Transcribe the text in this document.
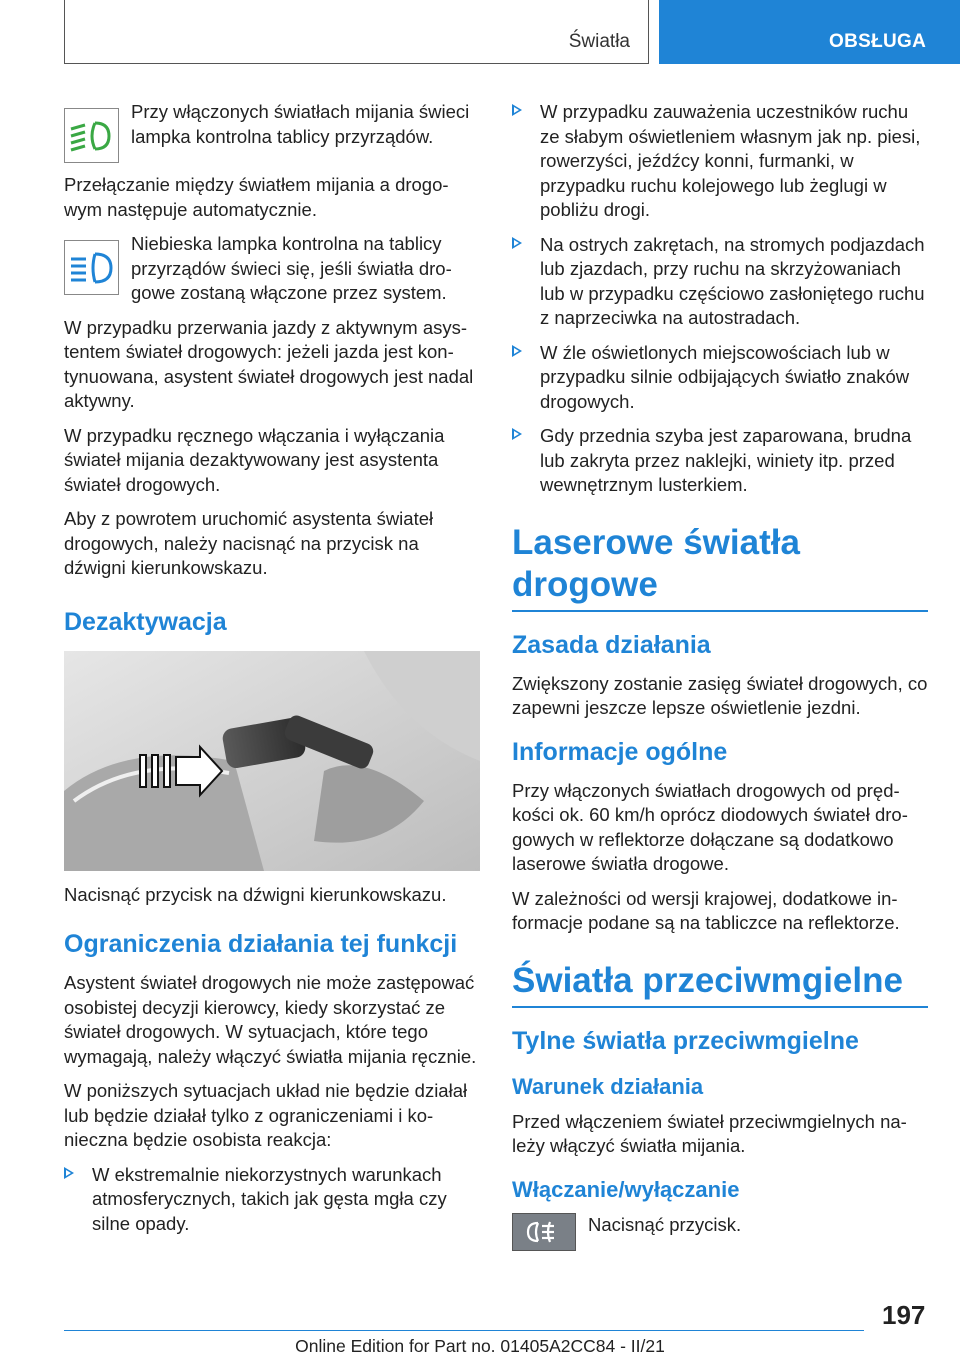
Światła	OBSŁUGA

Przy włączonych światłach mijania świeci lampka kontrolna tablicy przyrządów.

Przełączanie między światłem mijania a drogowym następuje automatycznie.

Niebieska lampka kontrolna na tablicy przyrządów świeci się, jeśli światła drogowe zostaną włączone przez system.

W przypadku przerwania jazdy z aktywnym asystentem świateł drogowych: jeżeli jazda jest kontynuowana, asystent świateł drogowych jest nadal aktywny.

W przypadku ręcznego włączania i wyłączania świateł mijania dezaktywowany jest asystenta świateł drogowych.

Aby z powrotem uruchomić asystenta świateł drogowych, należy nacisnąć na przycisk na dźwigni kierunkowskazu.

Dezaktywacja

Nacisnąć przycisk na dźwigni kierunkowskazu.

Ograniczenia działania tej funkcji

Asystent świateł drogowych nie może zastępować osobistej decyzji kierowcy, kiedy skorzystać ze świateł drogowych. W sytuacjach, które tego wymagają, należy włączyć światła mijania ręcznie.

W poniższych sytuacjach układ nie będzie działał lub będzie działał tylko z ograniczeniami i konieczna będzie osobista reakcja:

W ekstremalnie niekorzystnych warunkach atmosferycznych, takich jak gęsta mgła czy silne opady.
W przypadku zauważenia uczestników ruchu ze słabym oświetleniem własnym jak np. piesi, rowerzyści, jeźdźcy konni, furmanki, w przypadku ruchu kolejowego lub żeglugi w pobliżu drogi.
Na ostrych zakrętach, na stromych podjazdach lub zjazdach, przy ruchu na skrzyżowaniach lub w przypadku częściowo zasłoniętego ruchu z naprzeciwka na autostradach.
W źle oświetlonych miejscowościach lub w przypadku silnie odbijających światło znaków drogowych.
Gdy przednia szyba jest zaparowana, brudna lub zakryta przez naklejki, winiety itp. przed wewnętrznym lusterkiem.
Laserowe światła drogowe
Zasada działania

Zwiększony zostanie zasięg świateł drogowych, co zapewni jeszcze lepsze oświetlenie jezdni.

Informacje ogólne

Przy włączonych światłach drogowych od prędkości ok. 60 km/h oprócz diodowych świateł drogowych w reflektorze dołączane są dodatkowo laserowe światła drogowe.

W zależności od wersji krajowej, dodatkowe informacje podane są na tabliczce na reflektorze.

Światła przeciwmgielne
Tylne światła przeciwmgielne
Warunek działania

Przed włączeniem świateł przeciwmgielnych należy włączyć światła mijania.

Włączanie/wyłączanie

Nacisnąć przycisk.

197
Online Edition for Part no. 01405A2CC84 - II/21
